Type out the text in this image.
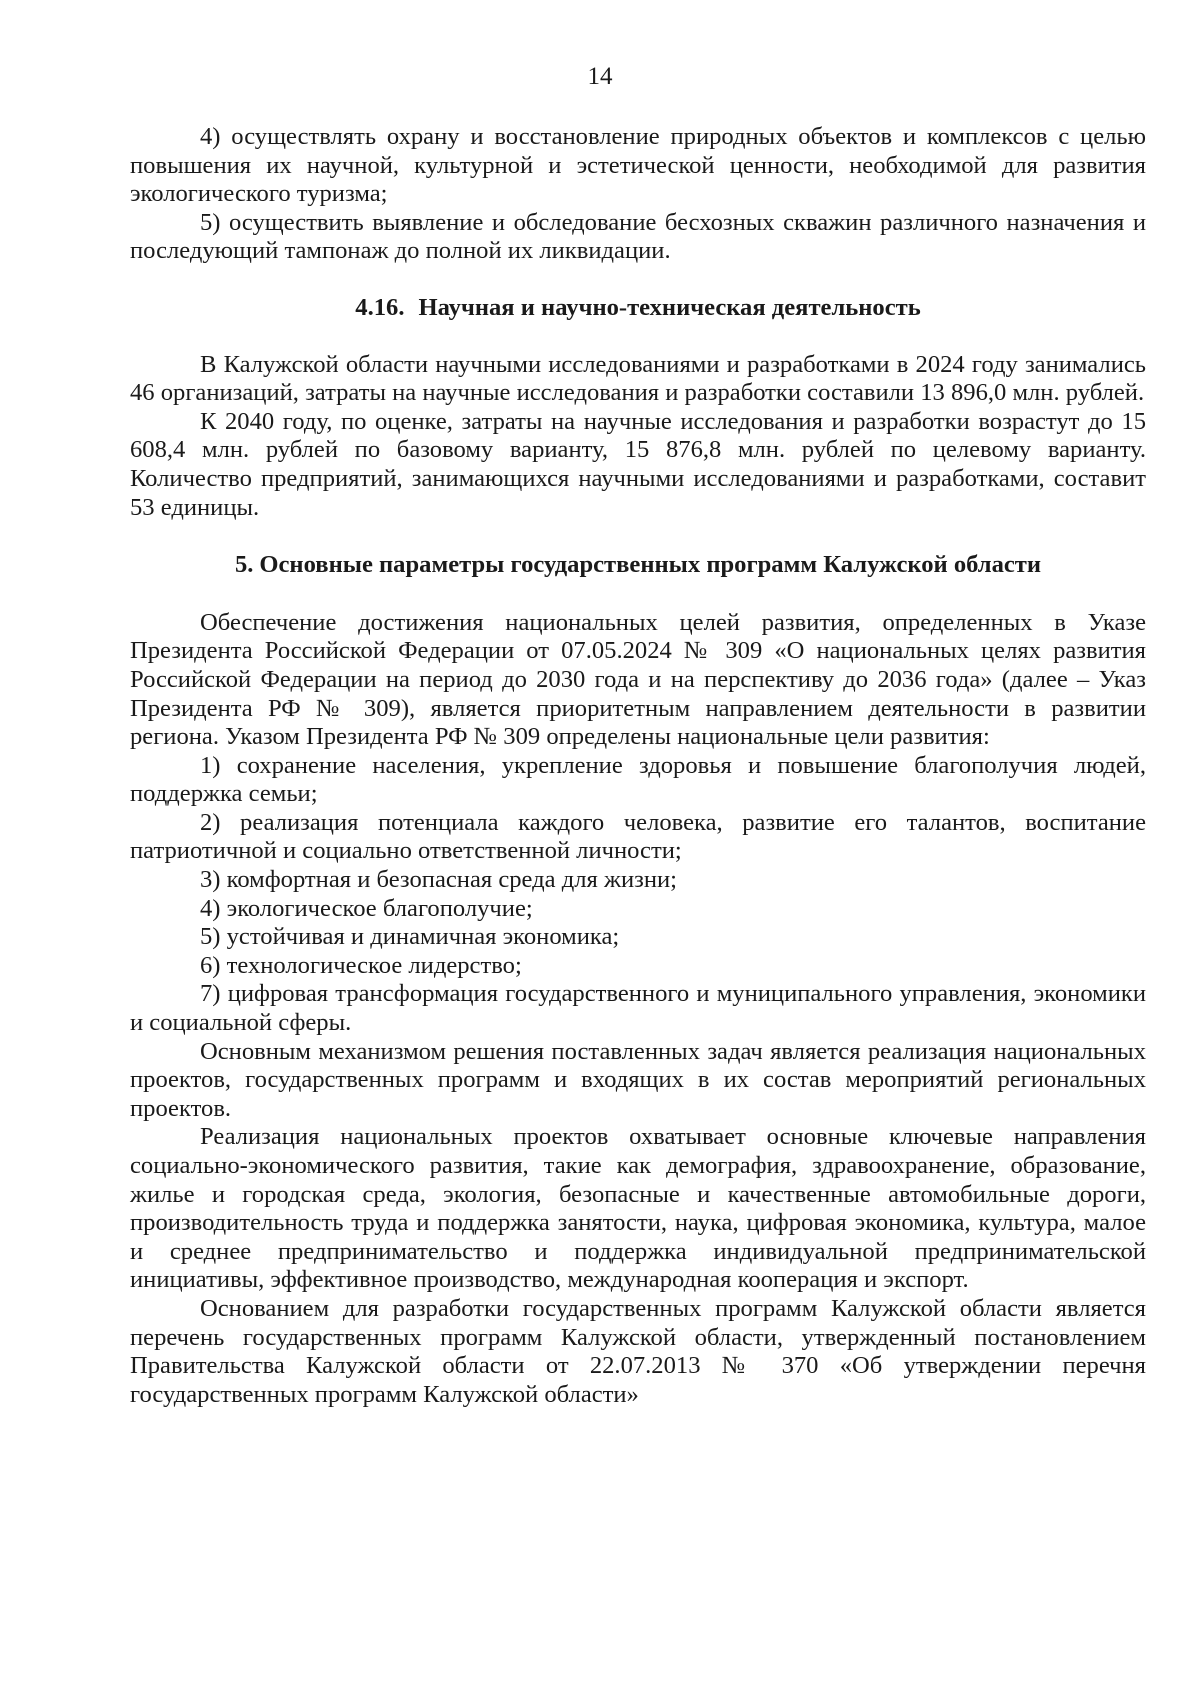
14

4) осуществлять охрану и восстановление природных объектов и комплексов с целью повышения их научной, культурной и эстетической ценности, необходимой для развития экологического туризма;

5) осуществить выявление и обследование бесхозных скважин различного назначения и последующий тампонаж до полной их ликвидации.

4.16. Научная и научно-техническая деятельность

В Калужской области научными исследованиями и разработками в 2024 году занимались 46 организаций, затраты на научные исследования и разработки составили 13 896,0 млн. рублей.

К 2040 году, по оценке, затраты на научные исследования и разработки возрастут до 15 608,4 млн. рублей по базовому варианту, 15 876,8 млн. рублей по целевому варианту. Количество предприятий, занимающихся научными исследованиями и разработками, составит 53 единицы.

5. Основные параметры государственных программ Калужской области

Обеспечение достижения национальных целей развития, определенных в Указе Президента Российской Федерации от 07.05.2024 № 309 «О национальных целях развития Российской Федерации на период до 2030 года и на перспективу до 2036 года» (далее – Указ Президента РФ № 309), является приоритетным направлением деятельности в развитии региона. Указом Президента РФ № 309 определены национальные цели развития:

1) сохранение населения, укрепление здоровья и повышение благополучия людей, поддержка семьи;

2) реализация потенциала каждого человека, развитие его талантов, воспитание патриотичной и социально ответственной личности;

3) комфортная и безопасная среда для жизни;

4) экологическое благополучие;

5) устойчивая и динамичная экономика;

6) технологическое лидерство;

7) цифровая трансформация государственного и муниципального управления, экономики и социальной сферы.

Основным механизмом решения поставленных задач является реализация национальных проектов, государственных программ и входящих в их состав мероприятий региональных проектов.

Реализация национальных проектов охватывает основные ключевые направления социально-экономического развития, такие как демография, здравоохранение, образование, жилье и городская среда, экология, безопасные и качественные автомобильные дороги, производительность труда и поддержка занятости, наука, цифровая экономика, культура, малое и среднее предпринимательство и поддержка индивидуальной предпринимательской инициативы, эффективное производство, международная кооперация и экспорт.

Основанием для разработки государственных программ Калужской области является перечень государственных программ Калужской области, утвержденный постановлением Правительства Калужской области от 22.07.2013 № 370 «Об утверждении перечня государственных программ Калужской области»
